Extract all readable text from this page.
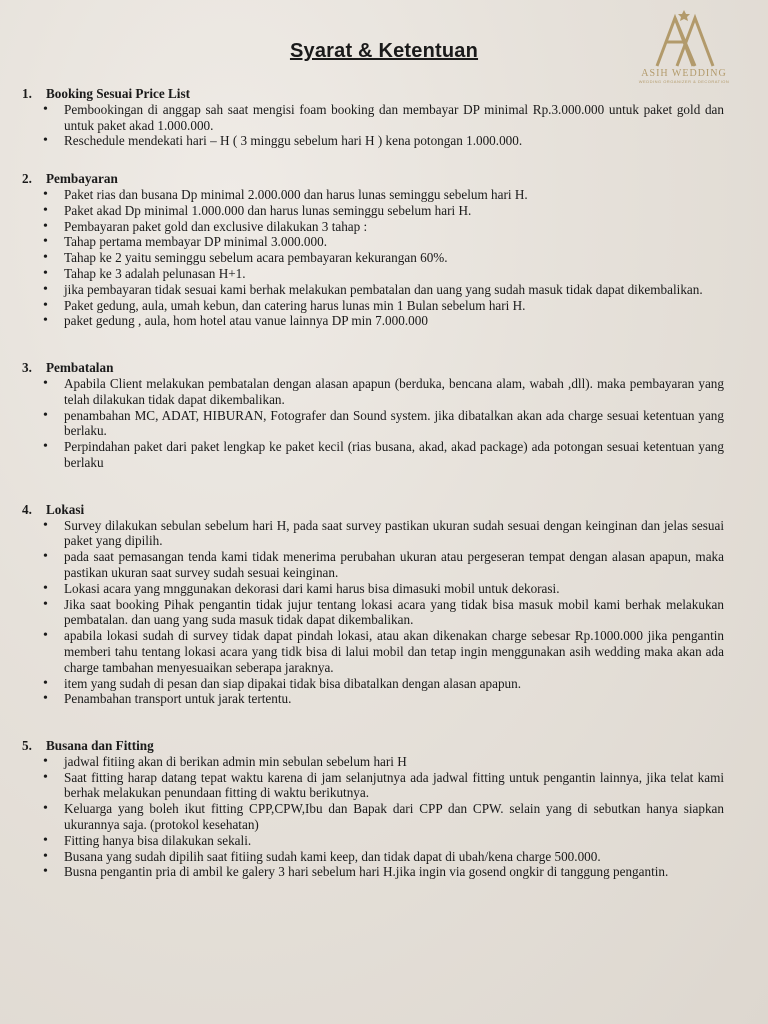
Syarat & Ketentuan
ASIH WEDDING
WEDDING ORGANIZER & DECORATION
1.	Booking Sesuai Price List
• Pembookingan di anggap sah saat mengisi foam booking dan membayar DP minimal Rp.3.000.000 untuk paket gold dan untuk paket akad 1.000.000.
• Reschedule mendekati hari – H ( 3 minggu sebelum hari H ) kena potongan 1.000.000.
2.	Pembayaran
• Paket rias dan busana Dp minimal 2.000.000 dan harus lunas seminggu sebelum hari H.
• Paket akad Dp minimal 1.000.000 dan harus lunas seminggu sebelum hari H.
• Pembayaran paket gold dan exclusive dilakukan 3 tahap :
• Tahap pertama membayar DP minimal 3.000.000.
• Tahap ke 2 yaitu seminggu sebelum acara pembayaran kekurangan 60%.
• Tahap ke 3 adalah pelunasan H+1.
• jika pembayaran tidak sesuai kami berhak melakukan pembatalan dan uang yang sudah masuk tidak dapat dikembalikan.
• Paket gedung, aula, umah kebun, dan catering harus lunas min 1 Bulan sebelum hari H.
• paket gedung , aula, hom hotel atau vanue lainnya DP min 7.000.000
3.	Pembatalan
• Apabila Client melakukan pembatalan dengan alasan apapun (berduka, bencana alam, wabah ,dll). maka pembayaran yang telah dilakukan tidak dapat dikembalikan.
• penambahan MC, ADAT, HIBURAN, Fotografer dan Sound system. jika dibatalkan akan ada charge sesuai ketentuan yang berlaku.
• Perpindahan paket dari paket lengkap ke paket kecil (rias busana, akad, akad package) ada potongan sesuai ketentuan yang berlaku
4.	Lokasi
• Survey dilakukan sebulan sebelum hari H, pada saat survey pastikan ukuran sudah sesuai dengan keinginan dan jelas sesuai paket yang dipilih.
• pada saat pemasangan tenda kami tidak menerima perubahan ukuran atau pergeseran tempat dengan alasan apapun, maka pastikan ukuran saat survey sudah sesuai keinginan.
• Lokasi acara yang mnggunakan dekorasi dari kami harus bisa dimasuki mobil untuk dekorasi.
• Jika saat booking Pihak pengantin tidak jujur tentang lokasi acara yang tidak bisa masuk mobil kami berhak melakukan pembatalan. dan uang yang suda masuk tidak dapat dikembalikan.
• apabila lokasi sudah di survey tidak dapat pindah lokasi, atau akan dikenakan charge sebesar Rp.1000.000 jika pengantin memberi tahu tentang lokasi acara yang tidk bisa di lalui mobil dan tetap ingin menggunakan asih wedding maka akan ada charge tambahan menyesuaikan seberapa jaraknya.
• item yang sudah di pesan dan siap dipakai tidak bisa dibatalkan dengan alasan apapun.
• Penambahan transport untuk jarak tertentu.
5.	Busana dan Fitting
• jadwal fitiing akan di berikan admin min sebulan sebelum hari H
• Saat fitting harap datang tepat waktu karena di jam selanjutnya ada jadwal fitting untuk pengantin lainnya, jika telat kami berhak melakukan penundaan fitting di waktu berikutnya.
• Keluarga yang boleh ikut fitting CPP,CPW,Ibu dan Bapak dari CPP dan CPW. selain yang di sebutkan hanya siapkan ukurannya saja. (protokol kesehatan)
• Fitting hanya bisa dilakukan sekali.
• Busana yang sudah dipilih saat fitiing sudah kami keep, dan tidak dapat di ubah/kena charge 500.000.
• Busna pengantin pria di ambil ke galery 3 hari sebelum hari H.jika ingin via gosend ongkir di tanggung pengantin.
